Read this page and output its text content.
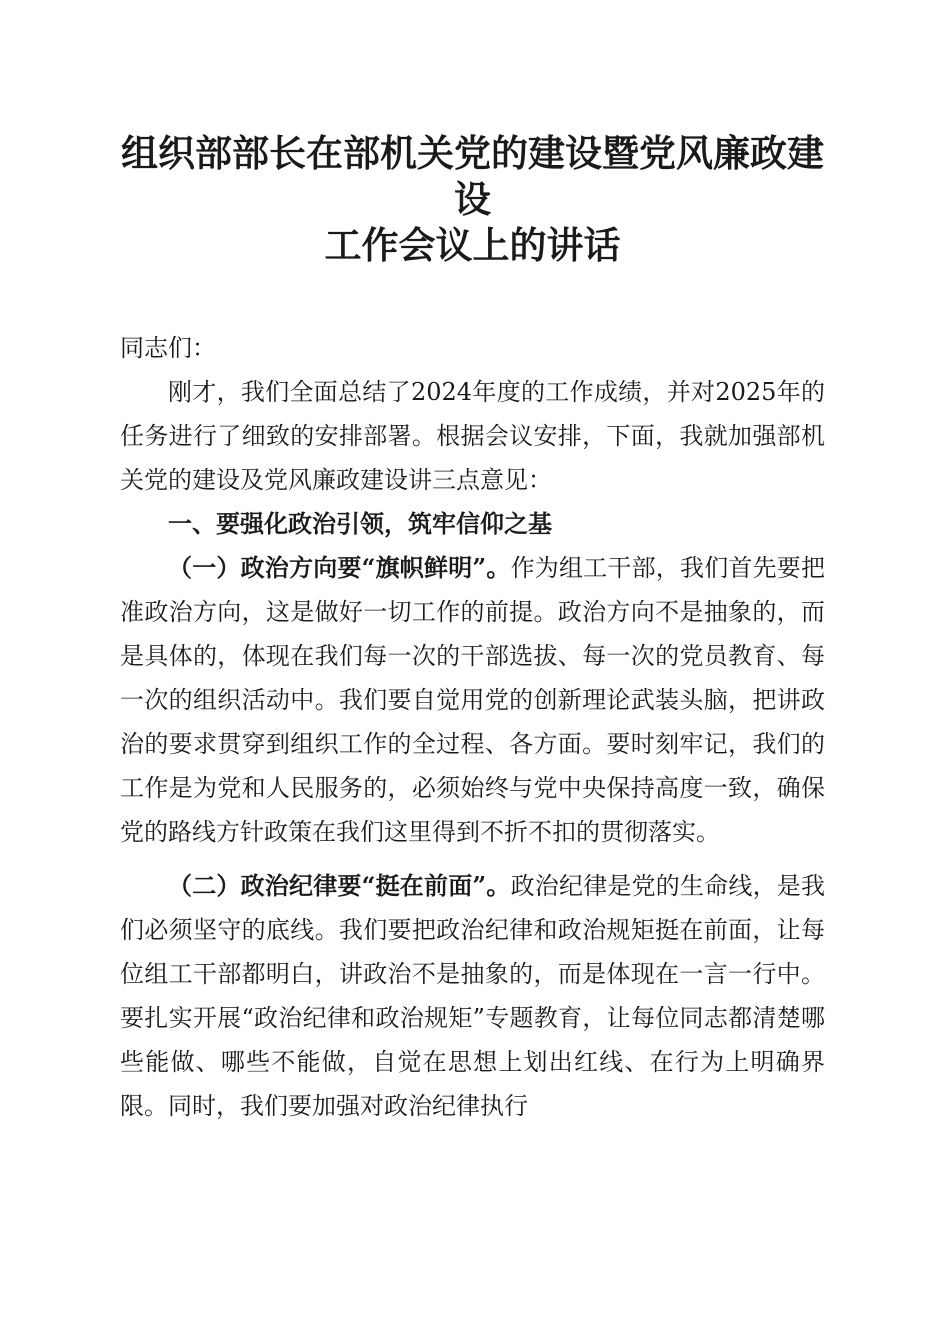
组织部部长在部机关党的建设暨党风廉政建设
工作会议上的讲话

同志们：

刚才，我们全面总结了2024年度的工作成绩，并对2025年的任务进行了细致的安排部署。根据会议安排，下面，我就加强部机关党的建设及党风廉政建设讲三点意见：

一、要强化政治引领，筑牢信仰之基

（一）政治方向要“旗帜鲜明”。作为组工干部，我们首先要把准政治方向，这是做好一切工作的前提。政治方向不是抽象的，而是具体的，体现在我们每一次的干部选拔、每一次的党员教育、每一次的组织活动中。我们要自觉用党的创新理论武装头脑，把讲政治的要求贯穿到组织工作的全过程、各方面。要时刻牢记，我们的工作是为党和人民服务的，必须始终与党中央保持高度一致，确保党的路线方针政策在我们这里得到不折不扣的贯彻落实。

（二）政治纪律要“挺在前面”。政治纪律是党的生命线，是我们必须坚守的底线。我们要把政治纪律和政治规矩挺在前面，让每位组工干部都明白，讲政治不是抽象的，而是体现在一言一行中。要扎实开展“政治纪律和政治规矩”专题教育，让每位同志都清楚哪些能做、哪些不能做，自觉在思想上划出红线、在行为上明确界限。同时，我们要加强对政治纪律执行
